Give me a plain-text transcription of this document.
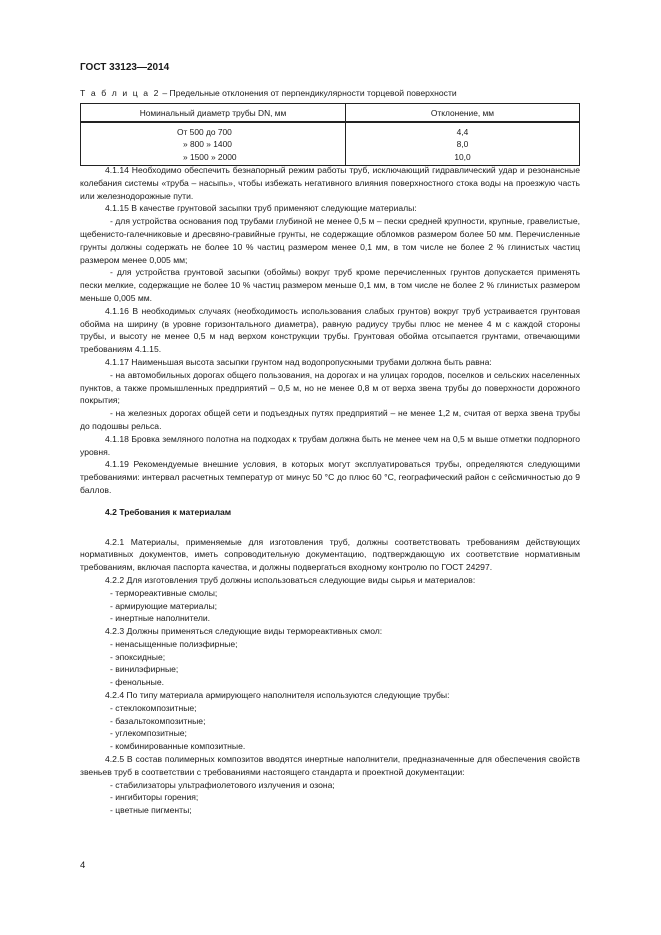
ГОСТ 33123—2014
Т а б л и ц а 2 – Предельные отклонения от перпендикулярности торцевой поверхности
Номинальный диаметр трубы DN, мм	Отклонение, мм
От 500 до 700	4,4
» 800 » 1400	8,0
» 1500 » 2000	10,0

4.1.14 Необходимо обеспечить безнапорный режим работы труб, исключающий гидравлический удар и резонансные колебания системы «труба – насыпь», чтобы избежать негативного влияния поверхностного стока воды на проезжую часть или железнодорожные пути.

4.1.15 В качестве грунтовой засыпки труб применяют следующие материалы:

- для устройства основания под трубами глубиной не менее 0,5 м – пески средней крупности, крупные, гравелистые, щебенисто-галечниковые и дресвяно-гравийные грунты, не содержащие обломков размером более 50 мм. Перечисленные грунты должны содержать не более 10 % частиц размером менее 0,1 мм, в том числе не более 2 % глинистых частиц размером менее 0,005 мм;

- для устройства грунтовой засыпки (обоймы) вокруг труб кроме перечисленных грунтов допускается применять пески мелкие, содержащие не более 10 % частиц размером меньше 0,1 мм, в том числе не более 2 % глинистых размером меньше 0,005 мм.

4.1.16 В необходимых случаях (необходимость использования слабых грунтов) вокруг труб устраивается грунтовая обойма на ширину (в уровне горизонтального диаметра), равную радиусу трубы плюс не менее 4 м с каждой стороны трубы, и высоту не менее 0,5 м над верхом конструкции трубы. Грунтовая обойма отсыпается грунтами, отвечающими требованиям 4.1.15.

4.1.17 Наименьшая высота засыпки грунтом над водопропускными трубами должна быть равна:

- на автомобильных дорогах общего пользования, на дорогах и на улицах городов, поселков и сельских населенных пунктов, а также промышленных предприятий – 0,5 м, но не менее 0,8 м от верха звена трубы до поверхности дорожного покрытия;

- на железных дорогах общей сети и подъездных путях предприятий – не менее 1,2 м, считая от верха звена трубы до подошвы рельса.

4.1.18 Бровка земляного полотна на подходах к трубам должна быть не менее чем на 0,5 м выше отметки подпорного уровня.

4.1.19 Рекомендуемые внешние условия, в которых могут эксплуатироваться трубы, определяются следующими требованиями: интервал расчетных температур от минус 50 °С до плюс 60 °С, географический район с сейсмичностью до 9 баллов.

4.2 Требования к материалам

4.2.1 Материалы, применяемые для изготовления труб, должны соответствовать требованиям действующих нормативных документов, иметь сопроводительную документацию, подтверждающую их соответствие нормативным требованиям, включая паспорта качества, и должны подвергаться входному контролю по ГОСТ 24297.

4.2.2 Для изготовления труб должны использоваться следующие виды сырья и материалов:

- термореактивные смолы;

- армирующие материалы;

- инертные наполнители.

4.2.3 Должны применяться следующие виды термореактивных смол:

- ненасыщенные полиэфирные;

- эпоксидные;

- винилэфирные;

- фенольные.

4.2.4 По типу материала армирующего наполнителя используются следующие трубы:

- стеклокомпозитные;

- базальтокомпозитные;

- углекомпозитные;

- комбинированные композитные.

4.2.5 В состав полимерных композитов вводятся инертные наполнители, предназначенные для обеспечения свойств звеньев труб в соответствии с требованиями настоящего стандарта и проектной документации:

- стабилизаторы ультрафиолетового излучения и озона;

- ингибиторы горения;

- цветные пигменты;

4
